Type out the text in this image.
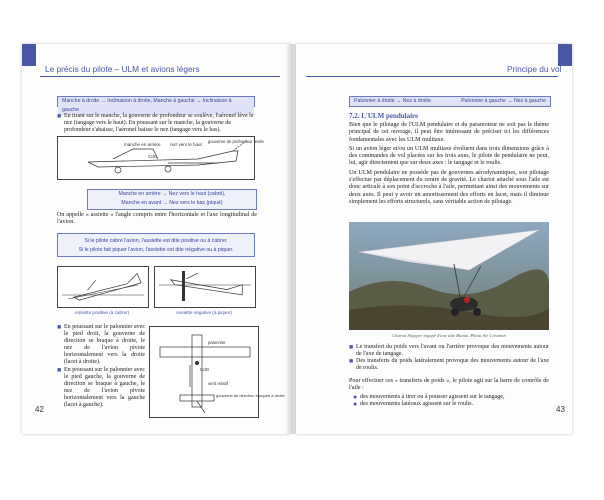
Le précis du pilote – ULM et avions légers
Manche à droite → Inclinaison à droite, Manche à gauche → Inclinaison à gauche
■ En tirant sur le manche, la gouverne de profondeur se soulève, l'aéronef lève le nez (tangage vers le haut). En poussant sur le manche, la gouverne de profondeur s'abaisse, l'aéronef baisse le nez (tangage vers le bas).
manche en arrière
CdG
nez vers le haut
gouverne de profondeur levée
Manche en arrière → Nez vers le haut (cabré),
Manche en avant → Nez vers le bas (piqué)
On appelle « assiette » l'angle compris entre l'horizontale et l'axe longitudinal de l'avion.
Si le pilote cabre l'avion, l'assiette est dite positive ou à cabrer.
Si le pilote fait piquer l'avion, l'assiette est dite négative ou à piquer.
Assiette positive (à cabrer)	Assiette négative (à piquer)
■ En poussant sur le palonnier avec le pied droit, la gouverne de direction se braque à droite, le nez de l'avion pivote horizontalement vers la droite (lacet à droite).
■ En poussant sur le palonnier avec le pied gauche, la gouverne de direction se braque à gauche, le nez de l'avion pivote horizontalement vers la gauche (lacet à gauche).
palonnier
CdG
vent relatif
gouverne de direction braquée à droite
42
Principe du vol
Palonnier à droite → Nez à droite	Palonnier à gauche → Nez à gauche
7.2. L'ULM pendulaire

Bien que le pilotage de l'ULM pendulaire et du paramoteur ne soit pas le thème principal de cet ouvrage, il peut être intéressant de préciser ici les différences fondamentales avec les ULM multiaxe.

Si un avion léger et/ou un ULM multiaxe évoluent dans trois dimensions grâce à des commandes de vol placées sur les trois axes, le pilote de pendulaire ne peut, lui, agir directement que sur deux axes : le tangage et le roulis.

Un ULM pendulaire ne possède pas de gouvernes aérodynamiques, son pilotage s'effectue par déplacement du centre de gravité. Le chariot attaché sous l'aile est donc articulé à son point d'accroche à l'aile, permettant ainsi des mouvements sur deux axes. Il peut y avoir un amortissement des efforts en lacet, mais il diminue simplement les efforts structurels, sans véritable action de pilotage.

Chariot Skypper équipé d'une aile Bionix. Photo Air Création
■ Le transfert du poids vers l'avant ou l'arrière provoque des mouvements autour de l'axe de tangage.
■ Des transferts du poids latéralement provoque des mouvements autour de l'axe de roulis.
Pour effectuer ces « transferts de poids », le pilote agit sur la barre de contrôle de l'aile :
● des mouvements à tirer ou à pousser agissent sur le tangage,
● des mouvements latéraux agissent sur le roulis.
43
